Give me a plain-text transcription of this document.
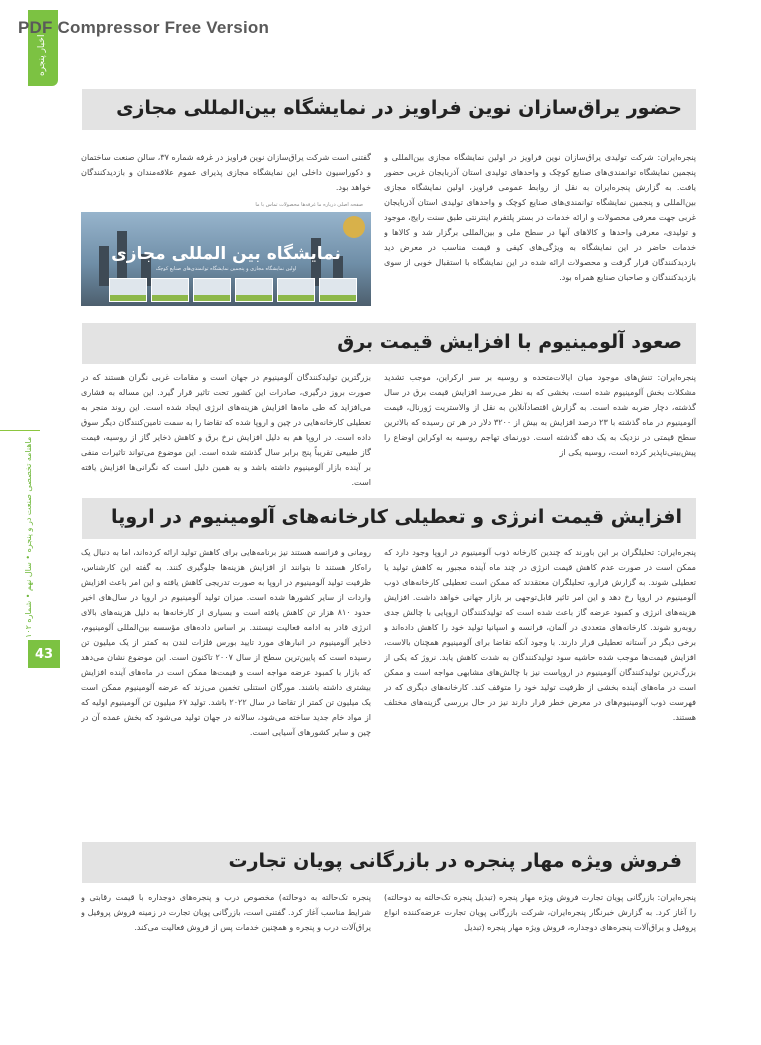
اخبار پنجره
PDF Compressor Free Version
ماهنامه تخصصی صنعت در و پنجره • سال نهم • شماره ۱۰۲
43
حضور یراق‌سازان نوین فراویز در نمایشگاه بین‌المللی مجازی

پنجره‌ایران: شرکت تولیدی یراق‌سازان نوین فراویز در اولین نمایشگاه مجازی بین‌المللی و پنجمین نمایشگاه توانمندی‌های صنایع کوچک و واحدهای تولیدی استان آذربایجان غربی حضور یافت. به گزارش پنجره‌ایران به نقل از روابط عمومی فراویز، اولین نمایشگاه مجازی بین‌المللی و پنجمین نمایشگاه توانمندی‌های صنایع کوچک و واحدهای تولیدی استان آذربایجان غربی جهت معرفی محصولات و ارائه خدمات در بستر پلتفرم اینترنتی طبق سنت رایج، موجود و تولیدی، معرفی واحدها و کالاهای آنها در سطح ملی و بین‌المللی برگزار شد و کالاها و خدمات حاضر در این نمایشگاه به ویژگی‌های کیفی و قیمت مناسب در معرض دید بازدیدکنندگان قرار گرفت و محصولات ارائه شده در این نمایشگاه با استقبال خوبی از سوی بازدیدکنندگان و صاحبان صنایع همراه بود.

گفتنی است شرکت یراق‌سازان نوین فراویز در غرفه شماره ۳۷، سالن صنعت ساختمان و دکوراسیون داخلی این نمایشگاه مجازی پذیرای عموم علاقه‌مندان و بازدیدکنندگان خواهد بود.

صفحه اصلی درباره ما غرفه‌ها محصولات تماس با ما
نمایشگاه بین المللی مجازی
اولین نمایشگاه مجازی و پنجمین نمایشگاه توانمندی‌های صنایع کوچک
صعود آلومینیوم با افزایش قیمت برق

پنجره‌ایران: تنش‌های موجود میان ایالات‌متحده و روسیه بر سر ارکراین، موجب تشدید مشکلات بخش آلومینیوم شده است، بخشی که به نظر می‌رسد افزایش قیمت برق در سال گذشته، دچار ضربه شده است. به گزارش اقتصادآنلاین به نقل از والاستریت ژورنال، قیمت آلومینیوم در ماه گذشته با ۲۳ درصد افزایش به بیش از ۳۲۰۰ دلار در هر تن رسیده که بالاترین سطح قیمتی در نزدیک به یک دهه گذشته است. دورنمای تهاجم روسیه به اوکراین اوضاع را پیش‌بینی‌ناپذیر کرده است، روسیه یکی از

بزرگترین تولیدکنندگان آلومینیوم در جهان است و مقامات غربی نگران هستند که در صورت بروز درگیری، صادرات این کشور تحت تاثیر قرار گیرد. این مساله به فشاری می‌افزاید که طی ماه‌ها افزایش هزینه‌های انرژی ایجاد شده است. این روند منجر به تعطیلی کارخانه‌هایی در چین و اروپا شده که تقاضا را به سمت تامین‌کنندگان دیگر سوق داده است. در اروپا هم به دلیل افزایش نرخ برق و کاهش ذخایر گاز از روسیه، قیمت گاز طبیعی تقریباً پنج برابر سال گذشته شده است. این موضوع می‌تواند تاثیرات منفی بر آینده بازار آلومینیوم داشته باشد و به همین دلیل است که نگرانی‌ها افزایش یافته است.

افزایش قیمت انرژی و تعطیلی کارخانه‌های آلومینیوم در اروپا

پنجره‌ایران: تحلیلگران بر این باورند که چندین کارخانه ذوب آلومینیوم در اروپا وجود دارد که ممکن است در صورت عدم کاهش قیمت انرژی در چند ماه آینده مجبور به کاهش تولید یا تعطیلی شوند. به گزارش فرارو، تحلیلگران معتقدند که ممکن است تعطیلی کارخانه‌های ذوب آلومینیوم در اروپا رخ دهد و این امر تاثیر قابل‌توجهی بر بازار جهانی خواهد داشت. افزایش هزینه‌های انرژی و کمبود عرضه گاز باعث شده است که تولیدکنندگان اروپایی با چالش جدی روبه‌رو شوند. کارخانه‌های متعددی در آلمان، فرانسه و اسپانیا تولید خود را کاهش داده‌اند و برخی دیگر در آستانه تعطیلی قرار دارند. با وجود آنکه تقاضا برای آلومینیوم همچنان بالاست، افزایش قیمت‌ها موجب شده حاشیه سود تولیدکنندگان به شدت کاهش یابد. نروژ که یکی از بزرگ‌ترین تولیدکنندگان آلومینیوم در اروپاست نیز با چالش‌های مشابهی مواجه است و ممکن است در ماه‌های آینده بخشی از ظرفیت تولید خود را متوقف کند. کارخانه‌های دیگری که در فهرست ذوب آلومینیوم‌های در معرض خطر قرار دارند نیز در حال بررسی گزینه‌های مختلف هستند.

رومانی و فرانسه هستند نیز برنامه‌هایی برای کاهش تولید ارائه کرده‌اند، اما به دنبال یک راه‌کار هستند تا بتوانند از افزایش هزینه‌ها جلوگیری کنند. به گفته این کارشناس، ظرفیت تولید آلومینیوم در اروپا به صورت تدریجی کاهش یافته و این امر باعث افزایش واردات از سایر کشورها شده است. میزان تولید آلومینیوم در اروپا در سال‌های اخیر حدود ۸۱۰ هزار تن کاهش یافته است و بسیاری از کارخانه‌ها به دلیل هزینه‌های بالای انرژی قادر به ادامه فعالیت نیستند. بر اساس داده‌های مؤسسه بین‌المللی آلومینیوم، ذخایر آلومینیوم در انبارهای مورد تایید بورس فلزات لندن به کمتر از یک میلیون تن رسیده است که پایین‌ترین سطح از سال ۲۰۰۷ تاکنون است. این موضوع نشان می‌دهد که بازار با کمبود عرضه مواجه است و قیمت‌ها ممکن است در ماه‌های آینده افزایش بیشتری داشته باشند. مورگان استنلی تخمین می‌زند که عرضه آلومینیوم ممکن است یک میلیون تن کمتر از تقاضا در سال ۲۰۲۲ باشد. تولید ۶۷ میلیون تن آلومینیوم اولیه که از مواد خام جدید ساخته می‌شود، سالانه در جهان تولید می‌شود که بخش عمده آن در چین و سایر کشورهای آسیایی است.

فروش ویژه مهار پنجره در بازرگانی پویان تجارت

پنجره‌ایران: بازرگانی پویان تجارت فروش ویژه مهار پنجره (تبدیل پنجره تک‌حالته به دوحالته) را آغاز کرد. به گزارش خبرنگار پنجره‌ایران، شرکت بازرگانی پویان تجارت عرضه‌کننده انواع پروفیل و یراق‌آلات پنجره‌های دوجداره، فروش ویژه مهار پنجره (تبدیل

پنجره تک‌حالته به دوحالته) مخصوص درب و پنجره‌های دوجداره با قیمت رقابتی و شرایط مناسب آغاز کرد. گفتنی است، بازرگانی پویان تجارت در زمینه فروش پروفیل و یراق‌آلات درب و پنجره و همچنین خدمات پس از فروش فعالیت می‌کند.
